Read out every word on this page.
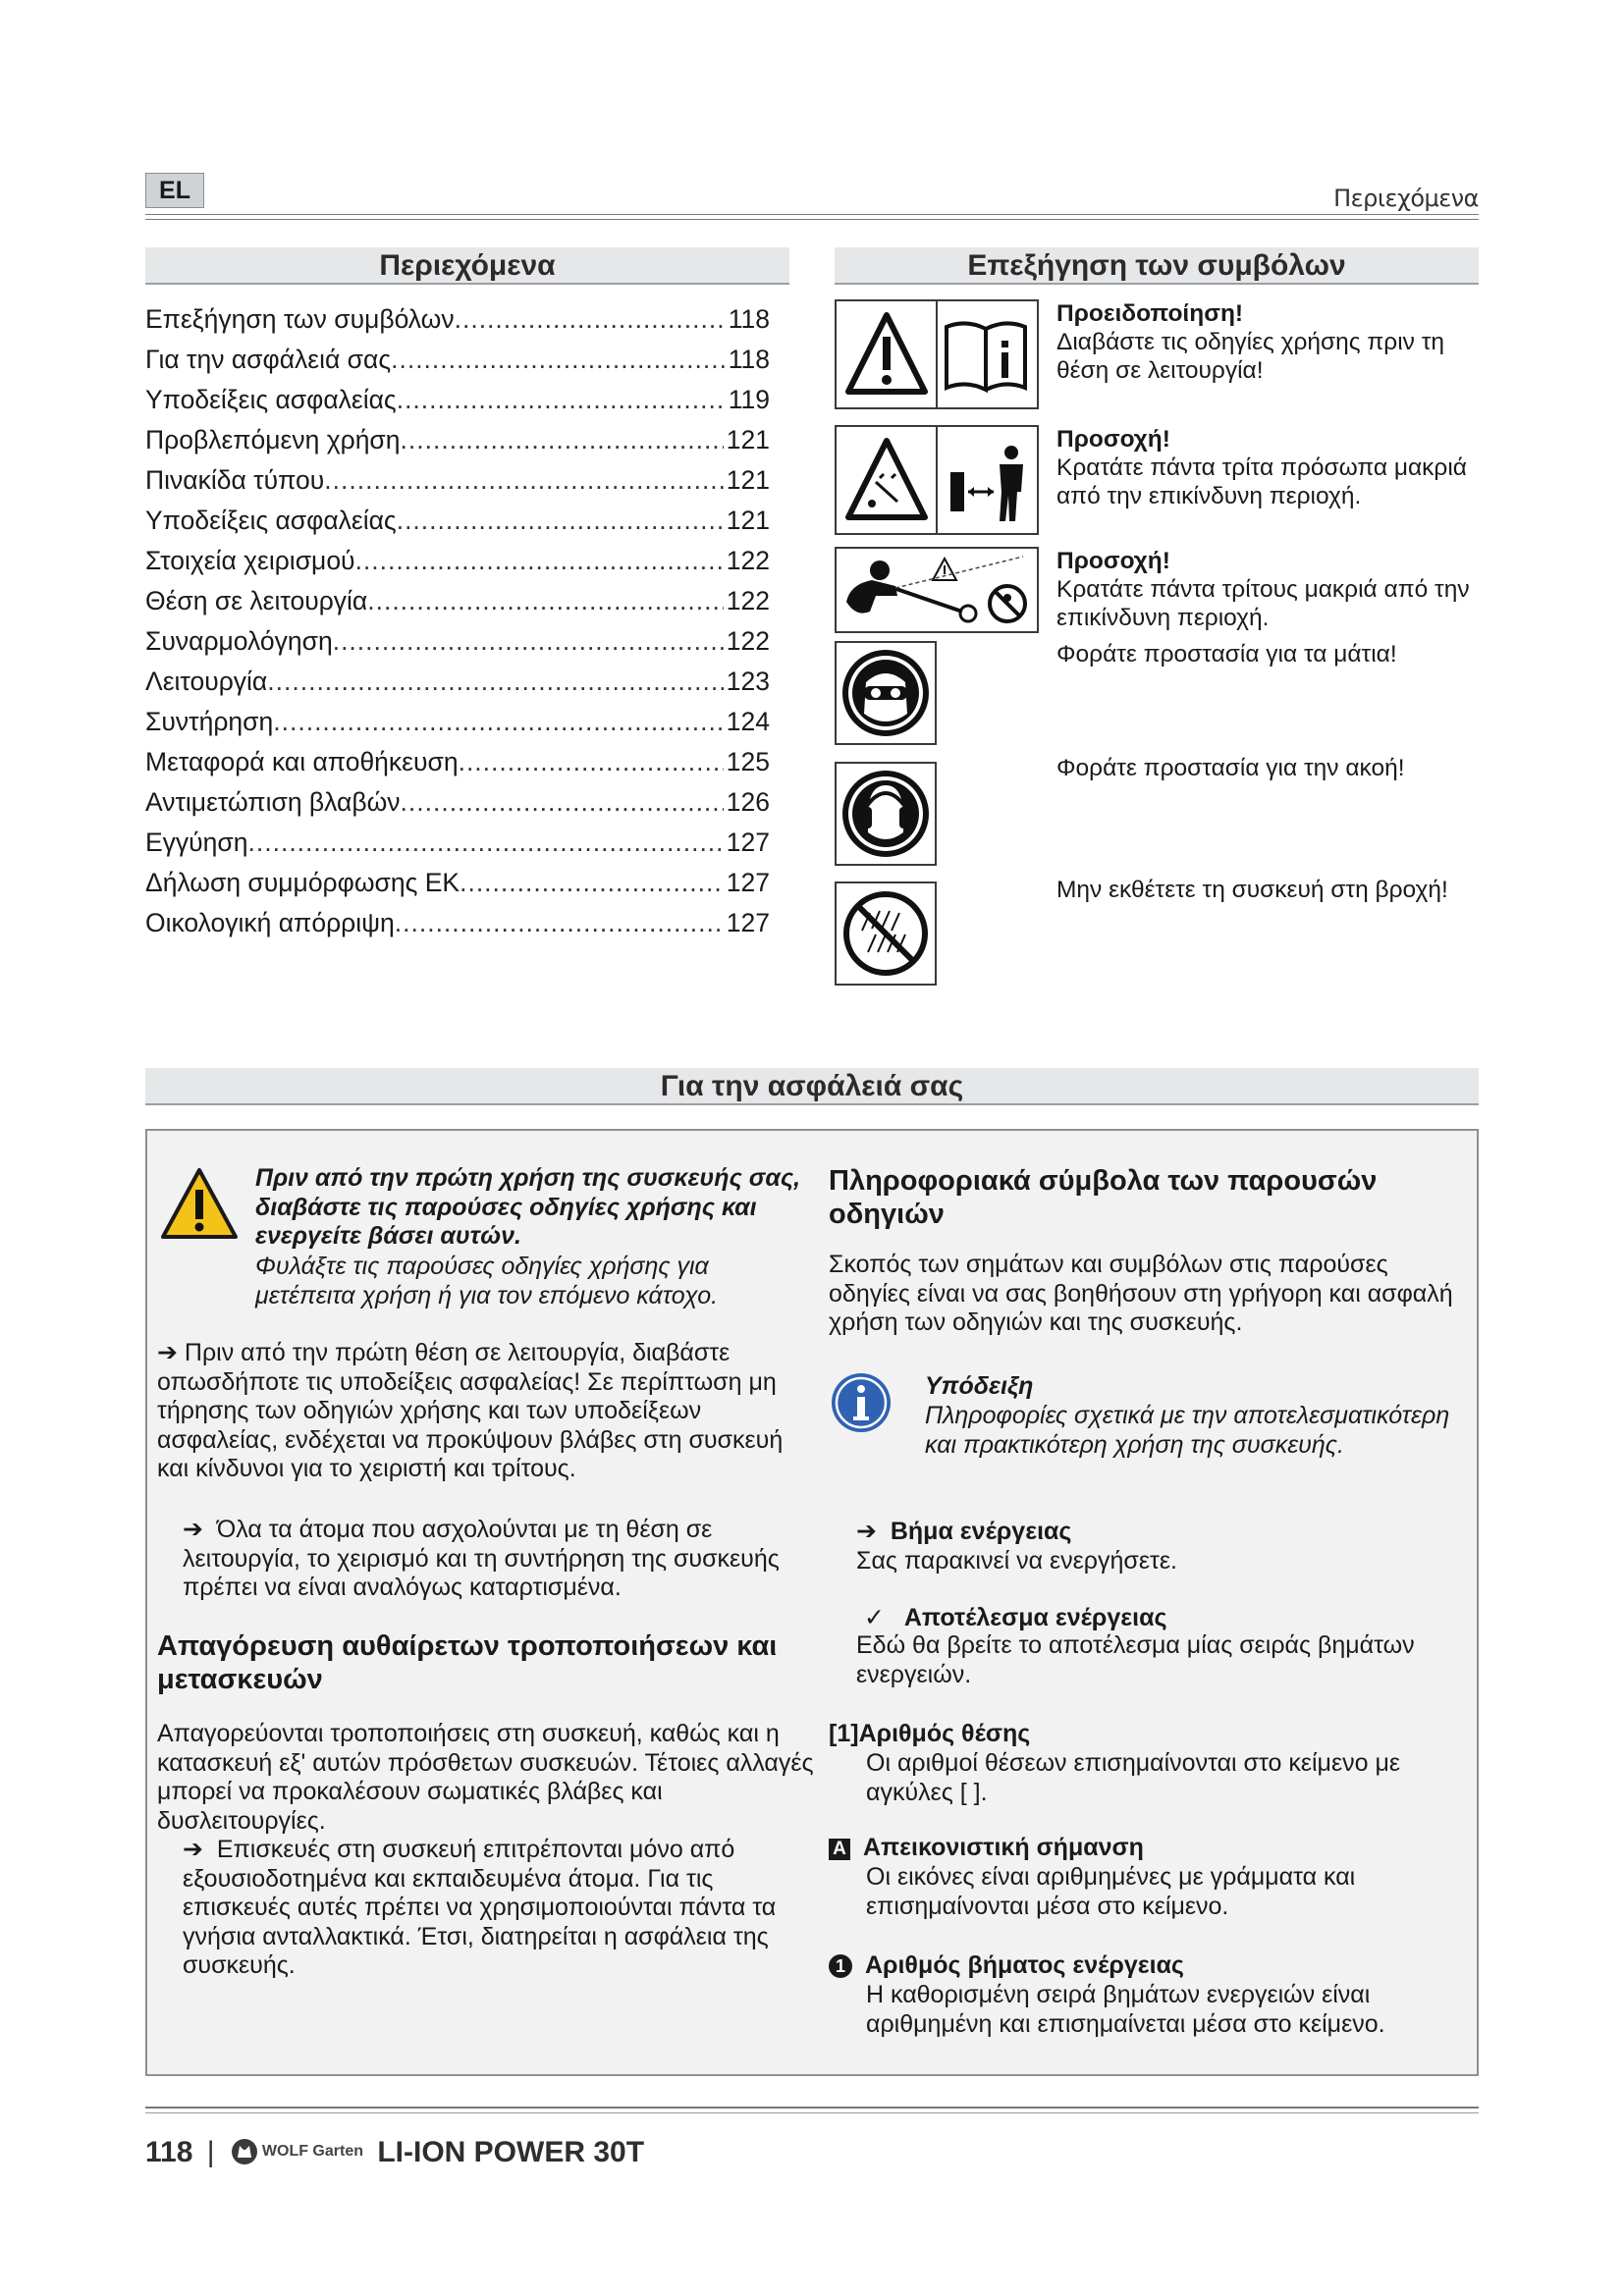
EL	Περιεχόμενα
Περιεχόμενα
Επεξήγηση των συμβόλων .....	118
Για την ασφάλειά σας .....	118
Υποδείξεις ασφαλείας .....	119
Προβλεπόμενη χρήση .....	121
Πινακίδα τύπου .....	121
Υποδείξεις ασφαλείας .....	121
Στοιχεία χειρισμού .....	122
Θέση σε λειτουργία .....	122
Συναρμολόγηση .....	122
Λειτουργία .....	123
Συντήρηση .....	124
Μεταφορά και αποθήκευση .....	125
Αντιμετώπιση βλαβών .....	126
Εγγύηση .....	127
Δήλωση συμμόρφωσης ΕΚ .....	127
Οικολογική απόρριψη .....	127
Επεξήγηση των συμβόλων
Προειδοποίηση!
Διαβάστε τις οδηγίες χρήσης πριν τη θέση σε λειτουργία!
Προσοχή!
Κρατάτε πάντα τρίτα πρόσωπα μακριά από την επικίνδυνη περιοχή.
Προσοχή!
Κρατάτε πάντα τρίτους μακριά από την επικίνδυνη περιοχή.
Φοράτε προστασία για τα μάτια!
Φοράτε προστασία για την ακοή!
Μην εκθέτετε τη συσκευή στη βροχή!
Για την ασφάλειά σας
Πριν από την πρώτη χρήση της συσκευής σας, διαβάστε τις παρούσες οδηγίες χρήσης και ενεργείτε βάσει αυτών.
Φυλάξτε τις παρούσες οδηγίες χρήσης για μετέπειτα χρήση ή για τον επόμενο κάτοχο.
➔ Πριν από την πρώτη θέση σε λειτουργία, διαβάστε οπωσδήποτε τις υποδείξεις ασφαλείας! Σε περίπτωση μη τήρησης των οδηγιών χρήσης και των υποδείξεων ασφαλείας, ενδέχεται να προκύψουν βλάβες στη συσκευή και κίνδυνοι για το χειριστή και τρίτους.
➔ Όλα τα άτομα που ασχολούνται με τη θέση σε λειτουργία, το χειρισμό και τη συντήρηση της συσκευής πρέπει να είναι αναλόγως καταρτισμένα.
Απαγόρευση αυθαίρετων τροποποιήσεων και μετασκευών
Απαγορεύονται τροποποιήσεις στη συσκευή, καθώς και η κατασκευή εξ' αυτών πρόσθετων συσκευών. Τέτοιες αλλαγές μπορεί να προκαλέσουν σωματικές βλάβες και δυσλειτουργίες.
➔ Επισκευές στη συσκευή επιτρέπονται μόνο από εξουσιοδοτημένα και εκπαιδευμένα άτομα. Για τις επισκευές αυτές πρέπει να χρησιμοποιούνται πάντα τα γνήσια ανταλλακτικά. Έτσι, διατηρείται η ασφάλεια της συσκευής.
Πληροφοριακά σύμβολα των παρουσών οδηγιών
Σκοπός των σημάτων και συμβόλων στις παρούσες οδηγίες είναι να σας βοηθήσουν στη γρήγορη και ασφαλή χρήση των οδηγιών και της συσκευής.
Υπόδειξη
Πληροφορίες σχετικά με την αποτελεσματικότερη και πρακτικότερη χρήση της συσκευής.
➔ Βήμα ενέργειας
Σας παρακινεί να ενεργήσετε.
✓ Αποτέλεσμα ενέργειας
Εδώ θα βρείτε το αποτέλεσμα μίας σειράς βημάτων ενεργειών.
[1]Αριθμός θέσης
Οι αριθμοί θέσεων επισημαίνονται στο κείμενο με αγκύλες [ ].
A Απεικονιστική σήμανση
Οι εικόνες είναι αριθμημένες με γράμματα και επισημαίνονται μέσα στο κείμενο.
1 Αριθμός βήματος ενέργειας
Η καθορισμένη σειρά βημάτων ενεργειών είναι αριθμημένη και επισημαίνεται μέσα στο κείμενο.
118 |	WOLF Garten LI-ION POWER 30T
